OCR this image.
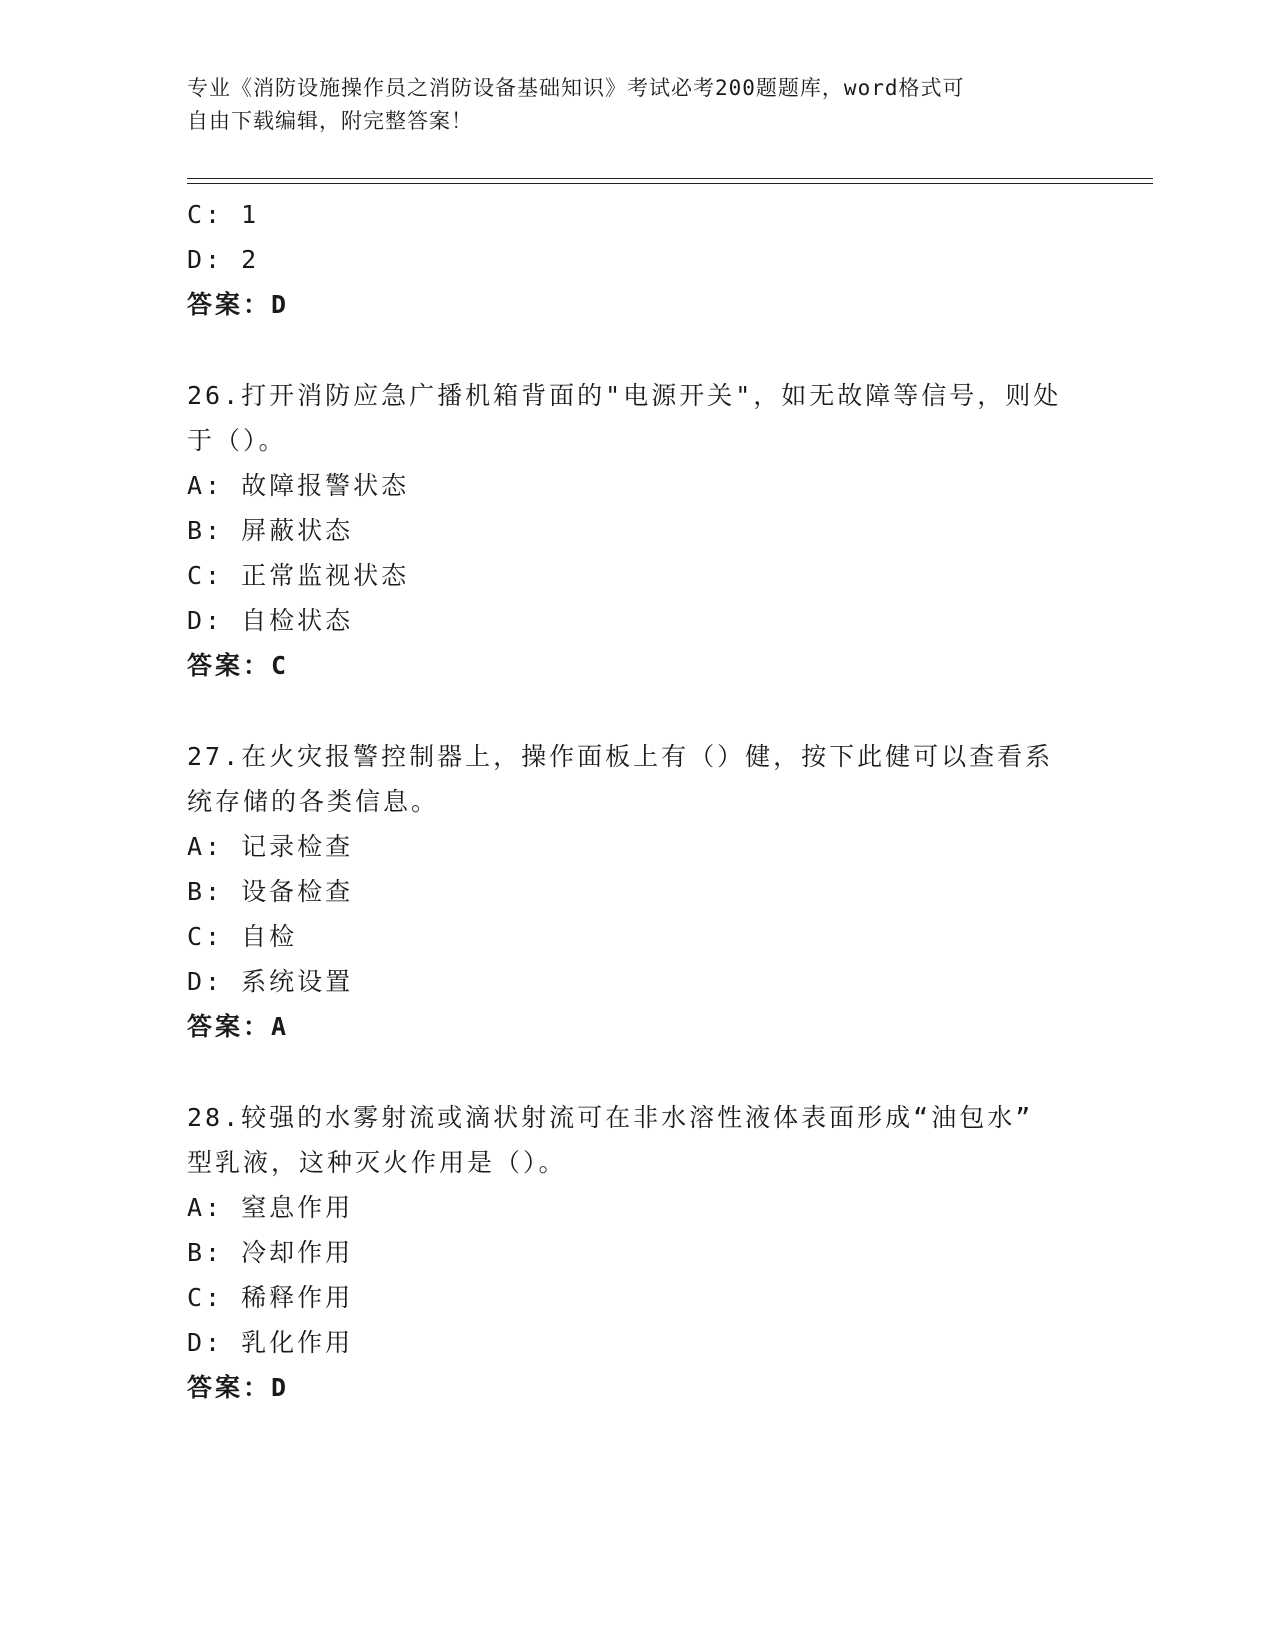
专业《消防设施操作员之消防设备基础知识》考试必考200题题库，word格式可
自由下载编辑，附完整答案！
C: 1
D: 2
答案：D
26.打开消防应急广播机箱背面的"电源开关"，如无故障等信号，则处
于（）。
A: 故障报警状态
B: 屏蔽状态
C: 正常监视状态
D: 自检状态
答案：C
27.在火灾报警控制器上，操作面板上有（）健，按下此健可以查看系
统存储的各类信息。
A: 记录检查
B: 设备检查
C: 自检
D: 系统设置
答案：A
28.较强的水雾射流或滴状射流可在非水溶性液体表面形成“油包水”
型乳液，这种灭火作用是（）。
A: 窒息作用
B: 冷却作用
C: 稀释作用
D: 乳化作用
答案：D
